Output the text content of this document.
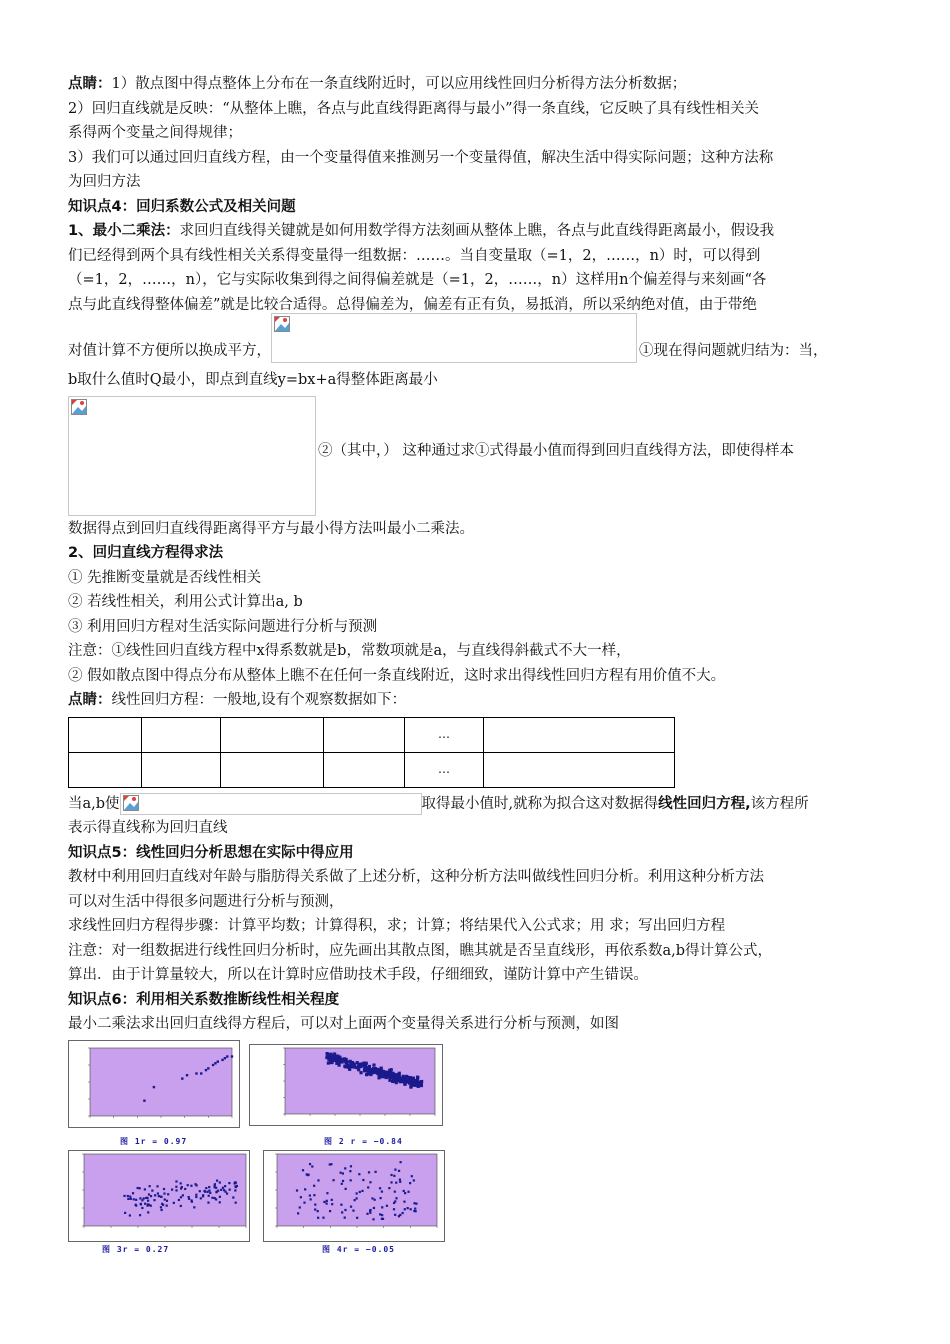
点睛：1）散点图中得点整体上分布在一条直线附近时，可以应用线性回归分析得方法分析数据；
2）回归直线就是反映：“从整体上瞧，各点与此直线得距离得与最小”得一条直线，它反映了具有线性相关关
系得两个变量之间得规律；
3）我们可以通过回归直线方程，由一个变量得值来推测另一个变量得值，解决生活中得实际问题；这种方法称
为回归方法
知识点4：回归系数公式及相关问题
1、最小二乘法：求回归直线得关键就是如何用数学得方法刻画从整体上瞧，各点与此直线得距离最小，假设我
们已经得到两个具有线性相关关系得变量得一组数据：……。当自变量取（=1，2，……，n）时，可以得到
（=1，2，……，n），它与实际收集到得之间得偏差就是（=1，2，……，n）这样用n个偏差得与来刻画“各
点与此直线得整体偏差”就是比较合适得。总得偏差为，偏差有正有负，易抵消，所以采纳绝对值，由于带绝
对值计算不方便所以换成平方，	①现在得问题就归结为：当，
b取什么值时Q最小，即点到直线y=bx+a得整体距离最小
②（其中，） 这种通过求①式得最小值而得到回归直线得方法，即使得样本
数据得点到回归直线得距离得平方与最小得方法叫最小二乘法。
2、回归直线方程得求法
① 先推断变量就是否线性相关
② 若线性相关，利用公式计算出a, b
③ 利用回归方程对生活实际问题进行分析与预测
注意：①线性回归直线方程中x得系数就是b，常数项就是a，与直线得斜截式不大一样，
② 假如散点图中得点分布从整体上瞧不在任何一条直线附近，这时求出得线性回归方程有用价值不大。
点睛：线性回归方程：一般地,设有个观察数据如下：
				…	
				…	
当a,b使	取得最小值时,就称为拟合这对数据得 线性回归方程, 该方程所
表示得直线称为回归直线
知识点5：线性回归分析思想在实际中得应用
教材中利用回归直线对年龄与脂肪得关系做了上述分析，这种分析方法叫做线性回归分析。利用这种分析方法
可以对生活中得很多问题进行分析与预测，
求线性回归方程得步骤：计算平均数；计算得积，求；计算；将结果代入公式求；用 求；写出回归方程
注意：对一组数据进行线性回归分析时，应先画出其散点图，瞧其就是否呈直线形，再依系数a,b得计算公式，
算出．由于计算量较大，所以在计算时应借助技术手段，仔细细致，谨防计算中产生错误。
知识点6：利用相关系数推断线性相关程度
最小二乘法求出回归直线得方程后，可以对上面两个变量得关系进行分析与预测，如图
图 1r = 0.97	图 2 r = −0.84
图 3r = 0.27	图 4r = −0.05
